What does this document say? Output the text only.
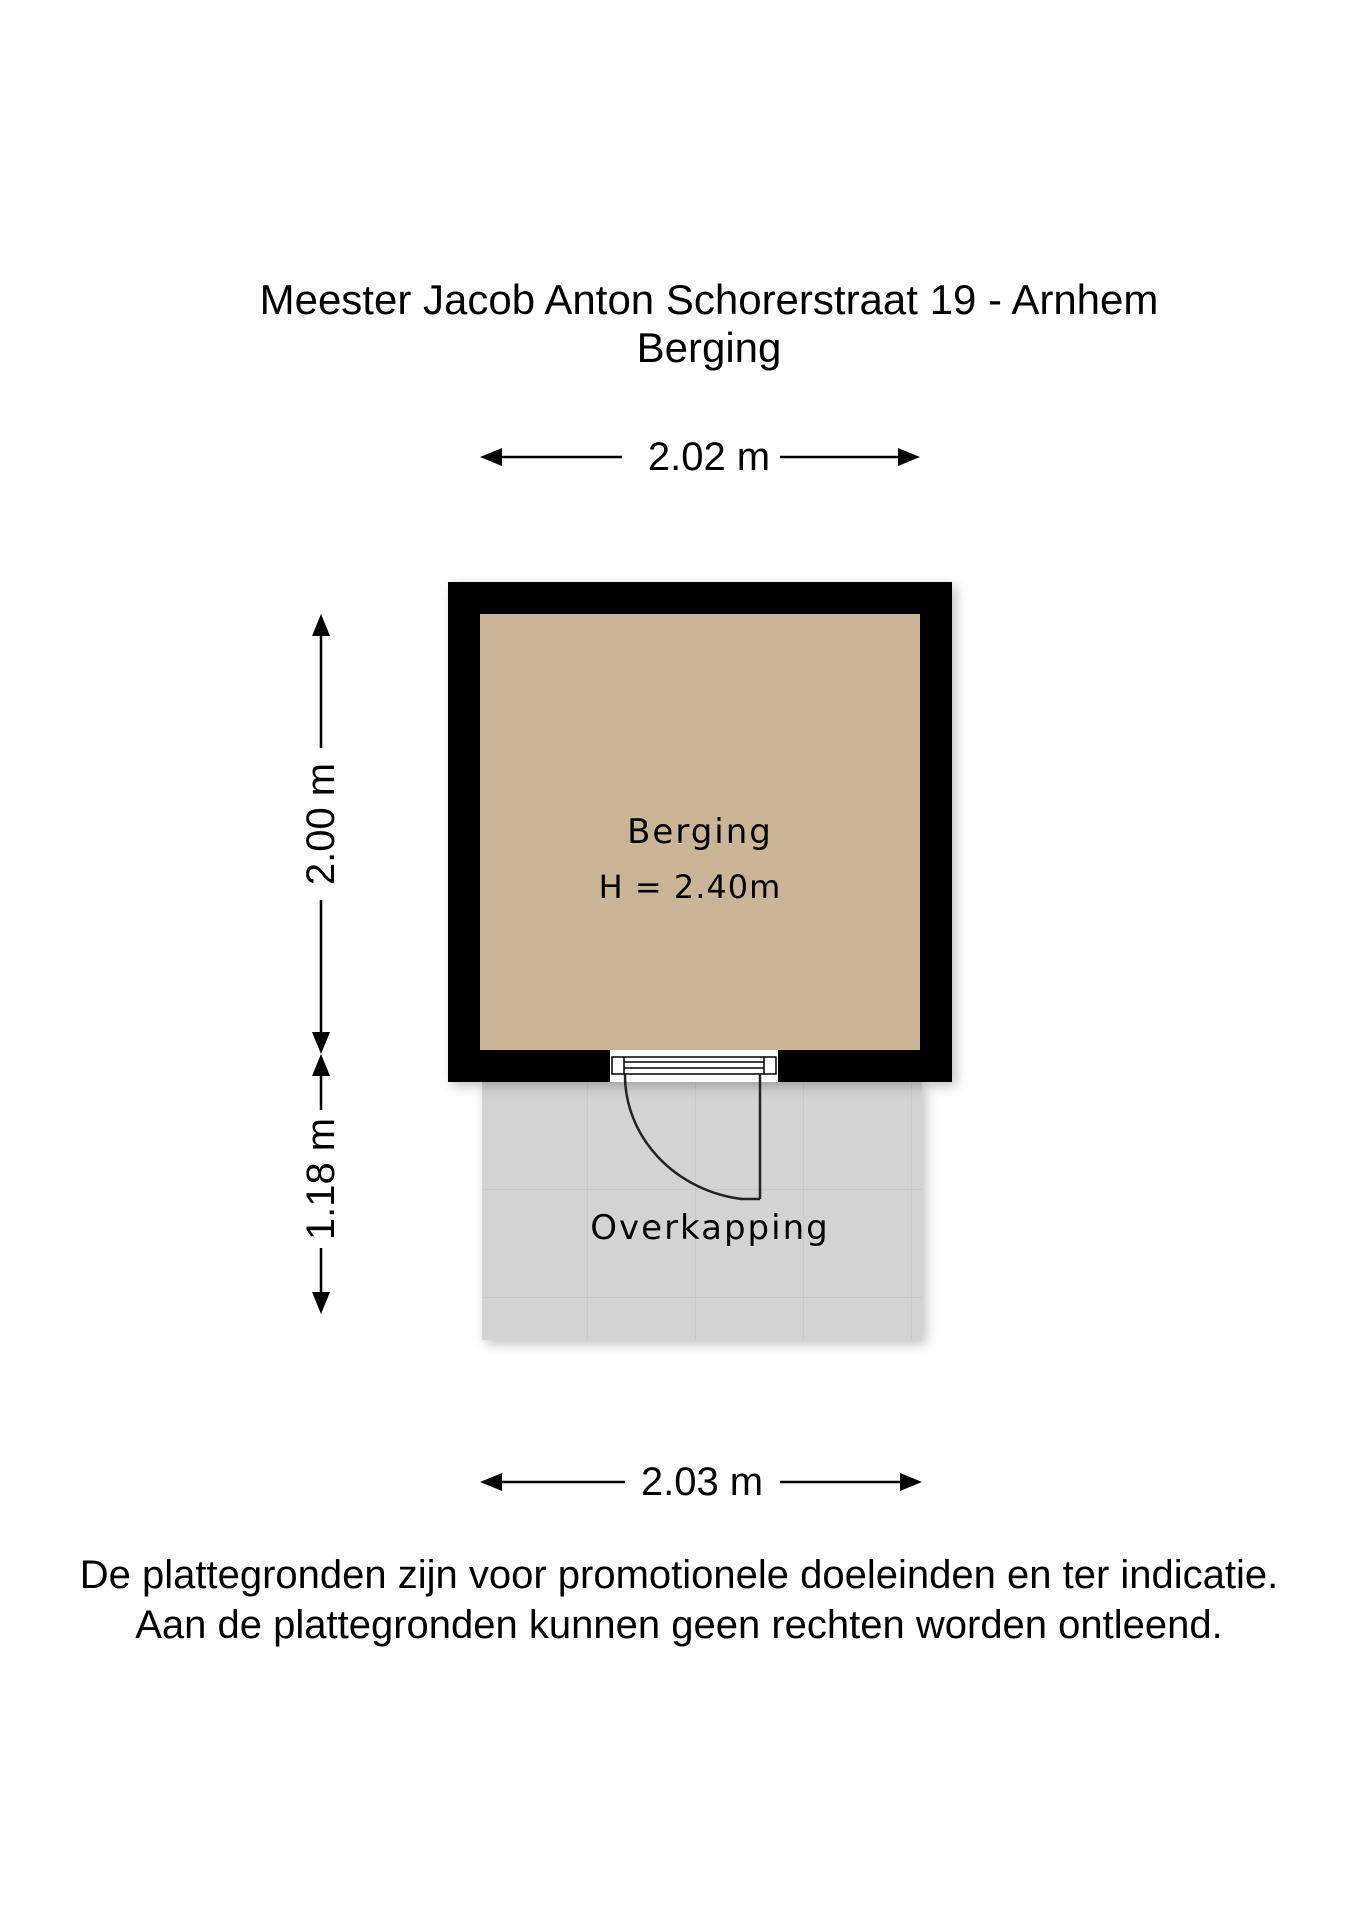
Meester Jacob Anton Schorerstraat 19 - Arnhem
Berging
2.02 m
2.03 m
2.00 m
1.18 m
Berging
H = 2.40m
Overkapping
De plattegronden zijn voor promotionele doeleinden en ter indicatie.
Aan de plattegronden kunnen geen rechten worden ontleend.
